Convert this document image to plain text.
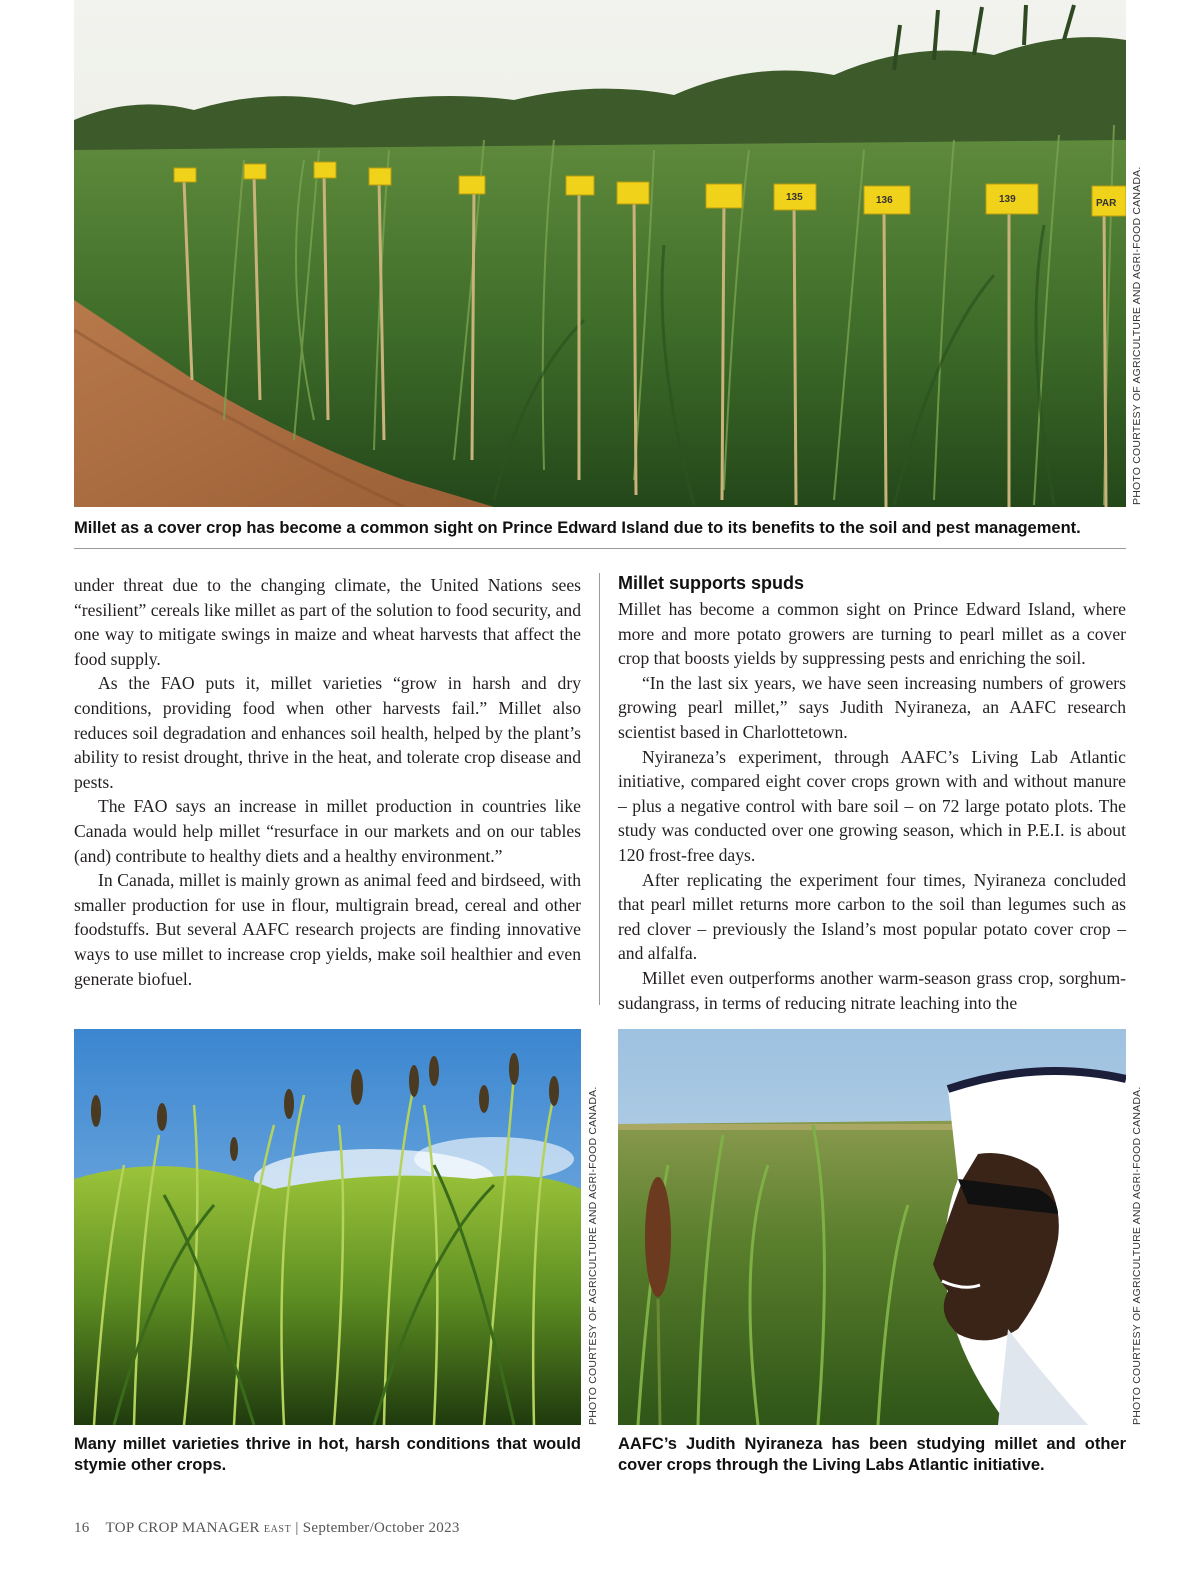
135	136	139	PAR PHOTO COURTESY OF AGRICULTURE AND AGRI-FOOD CANADA.

Millet as a cover crop has become a common sight on Prince Edward Island due to its benefits to the soil and pest management.

under threat due to the changing climate, the United Nations sees “resilient” cereals like millet as part of the solution to food security, and one way to mitigate swings in maize and wheat harvests that affect the food supply.

As the FAO puts it, millet varieties “grow in harsh and dry conditions, providing food when other harvests fail.” Millet also reduces soil degradation and enhances soil health, helped by the plant’s ability to resist drought, thrive in the heat, and tolerate crop disease and pests.

The FAO says an increase in millet production in countries like Canada would help millet “resurface in our markets and on our tables (and) contribute to healthy diets and a healthy environment.”

In Canada, millet is mainly grown as animal feed and birdseed, with smaller production for use in flour, multigrain bread, cereal and other foodstuffs. But several AAFC research projects are finding innovative ways to use millet to increase crop yields, make soil healthier and even generate biofuel.

Millet supports spuds

Millet has become a common sight on Prince Edward Island, where more and more potato growers are turning to pearl millet as a cover crop that boosts yields by suppressing pests and enriching the soil.

“In the last six years, we have seen increasing numbers of growers growing pearl millet,” says Judith Nyiraneza, an AAFC research scientist based in Charlottetown.

Nyiraneza’s experiment, through AAFC’s Living Lab Atlantic initiative, compared eight cover crops grown with and without manure – plus a negative control with bare soil – on 72 large potato plots. The study was conducted over one growing season, which in P.E.I. is about 120 frost-free days.

After replicating the experiment four times, Nyiraneza concluded that pearl millet returns more carbon to the soil than legumes such as red clover – previously the Island’s most popular potato cover crop – and alfalfa.

Millet even outperforms another warm-season grass crop, sorghum-sudangrass, in terms of reducing nitrate leaching into the

PHOTO COURTESY OF AGRICULTURE AND AGRI-FOOD CANADA.

Many millet varieties thrive in hot, harsh conditions that would stymie other crops.

PHOTO COURTESY OF AGRICULTURE AND AGRI-FOOD CANADA.

AAFC’s Judith Nyiraneza has been studying millet and other cover crops through the Living Labs Atlantic initiative.

16 TOP CROP MANAGER EAST | September/October 2023
